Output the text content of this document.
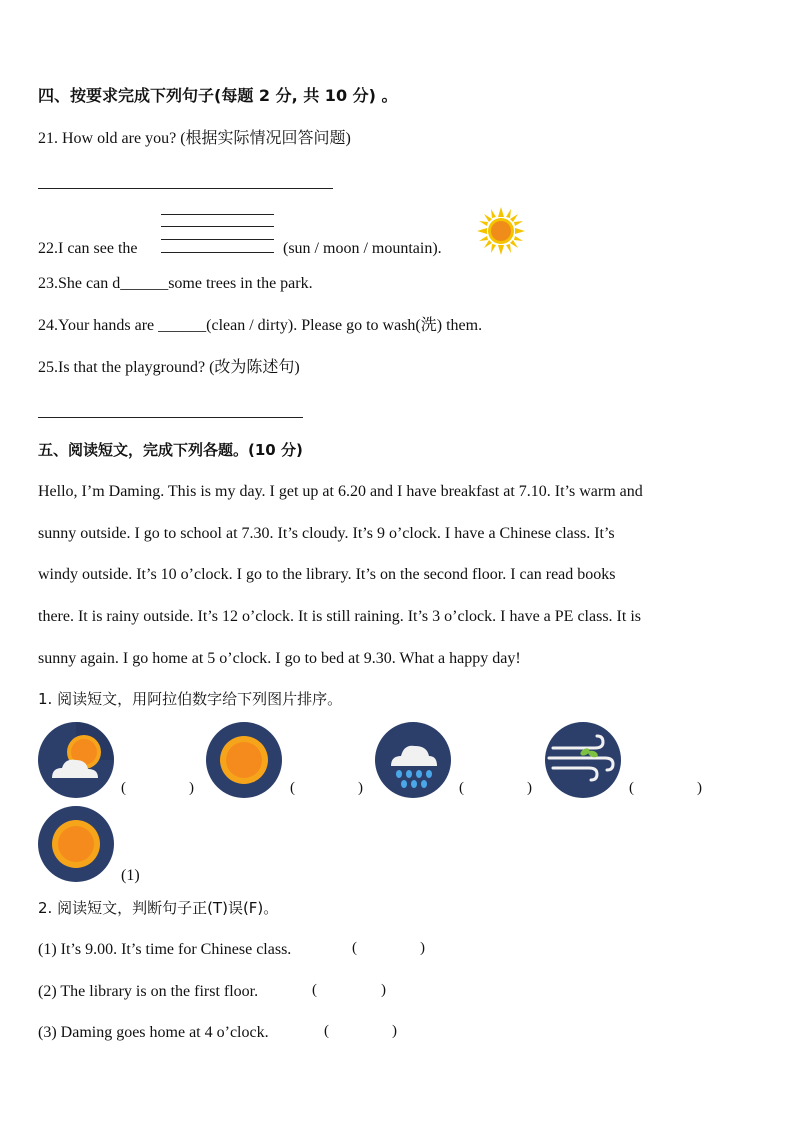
四、按要求完成下列句子(每题 2 分, 共 10 分) 。
21. How old are you? (根据实际情况回答问题)
22.I can see the	(sun / moon / mountain).
23.She can d______some trees in the park.
24.Your hands are ______(clean / dirty). Please go to wash(洗) them.
25.Is that the playground? (改为陈述句)
五、阅读短文，完成下列各题。(10 分)
Hello, I’m Daming. This is my day. I get up at 6.20 and I have breakfast at 7.10. It’s warm and
sunny outside. I go to school at 7.30. It’s cloudy. It’s 9 o’clock. I have a Chinese class. It’s
windy outside. It’s 10 o’clock. I go to the library. It’s on the second floor. I can read books
there. It is rainy outside. It’s 12 o’clock. It is still raining. It’s 3 o’clock. I have a PE class. It is
sunny again. I go home at 5 o’clock. I go to bed at 9.30. What a happy day!
1. 阅读短文，用阿拉伯数字给下列图片排序。
(	)	(	)	(	)	(	)
(1)
2. 阅读短文，判断句子正(T)误(F)。
(1) It’s 9.00. It’s time for Chinese class.	(	)
(2) The library is on the first floor.	(	)
(3) Daming goes home at 4 o’clock.	(	)
